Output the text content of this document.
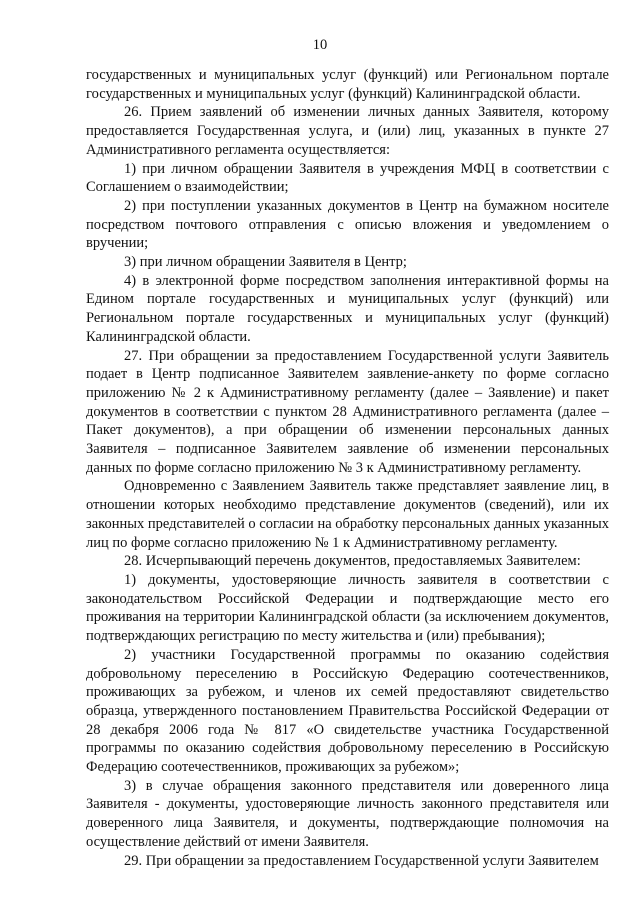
10

государственных и муниципальных услуг (функций) или Региональном портале государственных и муниципальных услуг (функций) Калининградской области.

26. Прием заявлений об изменении личных данных Заявителя, которому предоставляется Государственная услуга, и (или) лиц, указанных в пункте 27 Административного регламента осуществляется:

1) при личном обращении Заявителя в учреждения МФЦ в соответствии с Соглашением о взаимодействии;

2) при поступлении указанных документов в Центр на бумажном носителе посредством почтового отправления с описью вложения и уведомлением о вручении;

3) при личном обращении Заявителя в Центр;

4) в электронной форме посредством заполнения интерактивной формы на Едином портале государственных и муниципальных услуг (функций) или Региональном портале государственных и муниципальных услуг (функций) Калининградской области.

27. При обращении за предоставлением Государственной услуги Заявитель подает в Центр подписанное Заявителем заявление-анкету по форме согласно приложению № 2 к Административному регламенту (далее – Заявление) и пакет документов в соответствии с пунктом 28 Административного регламента (далее – Пакет документов), а при обращении об изменении персональных данных Заявителя – подписанное Заявителем заявление об изменении персональных данных по форме согласно приложению № 3 к Административному регламенту.

Одновременно с Заявлением Заявитель также представляет заявление лиц, в отношении которых необходимо представление документов (сведений), или их законных представителей о согласии на обработку персональных данных указанных лиц по форме согласно приложению № 1 к Административному регламенту.

28. Исчерпывающий перечень документов, предоставляемых Заявителем:

1) документы, удостоверяющие личность заявителя в соответствии с законодательством Российской Федерации и подтверждающие место его проживания на территории Калининградской области (за исключением документов, подтверждающих регистрацию по месту жительства и (или) пребывания);

2) участники Государственной программы по оказанию содействия добровольному переселению в Российскую Федерацию соотечественников, проживающих за рубежом, и членов их семей предоставляют свидетельство образца, утвержденного постановлением Правительства Российской Федерации от 28 декабря 2006 года № 817 «О свидетельстве участника Государственной программы по оказанию содействия добровольному переселению в Российскую Федерацию соотечественников, проживающих за рубежом»;

3) в случае обращения законного представителя или доверенного лица Заявителя - документы, удостоверяющие личность законного представителя или доверенного лица Заявителя, и документы, подтверждающие полномочия на осуществление действий от имени Заявителя.

29. При обращении за предоставлением Государственной услуги Заявителем
